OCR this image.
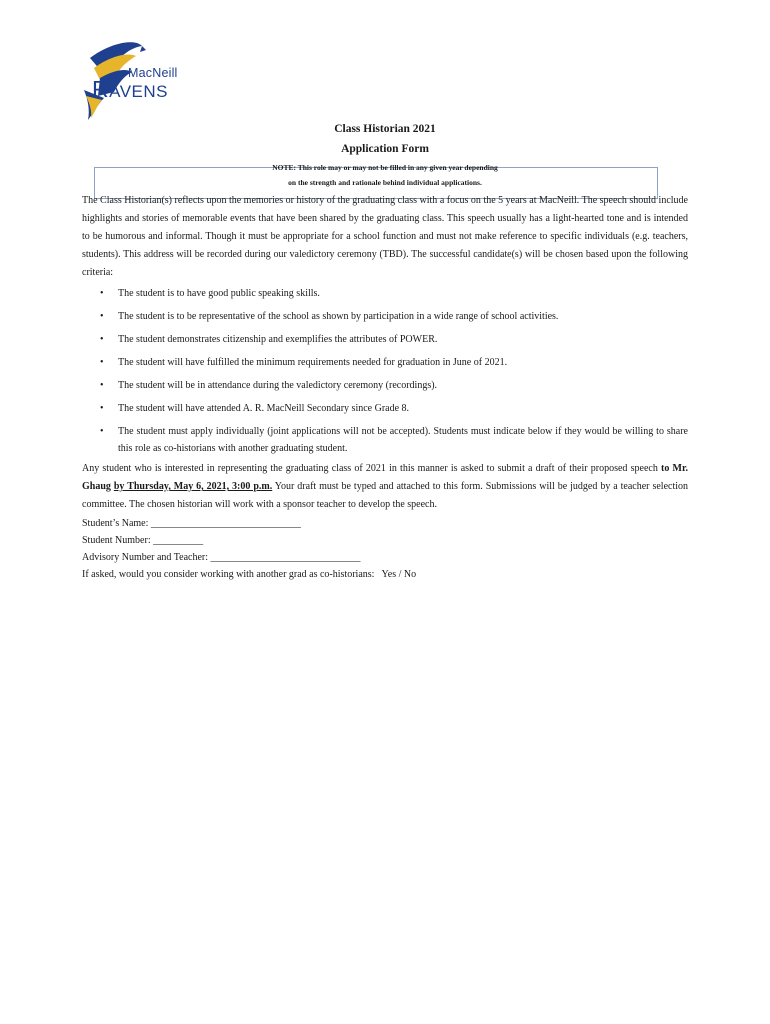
MacNeill
RAVENS
Class Historian 2021
Application Form
NOTE: This role may or may not be filled in any given year depending
on the strength and rationale behind individual applications.
The Class Historian(s) reflects upon the memories or history of the graduating class with a focus on the 5 years at MacNeill. The speech should include highlights and stories of memorable events that have been shared by the graduating class. This speech usually has a light-hearted tone and is intended to be humorous and informal. Though it must be appropriate for a school function and must not make reference to specific individuals (e.g. teachers, students). This address will be recorded during our valedictory ceremony (TBD). The successful candidate(s) will be chosen based upon the following criteria:
• The student is to have good public speaking skills.
• The student is to be representative of the school as shown by participation in a wide range of school activities.
• The student demonstrates citizenship and exemplifies the attributes of POWER.
• The student will have fulfilled the minimum requirements needed for graduation in June of 2021.
• The student will be in attendance during the valedictory ceremony (recordings).
• The student will have attended A. R. MacNeill Secondary since Grade 8.
• The student must apply individually (joint applications will not be accepted). Students must indicate below if they would be willing to share this role as co-historians with another graduating student.
Any student who is interested in representing the graduating class of 2021 in this manner is asked to submit a draft of their proposed speech to Mr. Ghaug by Thursday, May 6, 2021, 3:00 p.m. Your draft must be typed and attached to this form. Submissions will be judged by a teacher selection committee. The chosen historian will work with a sponsor teacher to develop the speech.
Student’s Name: ______________________________
Student Number: __________
Advisory Number and Teacher: ______________________________
If asked, would you consider working with another grad as co-historians:   Yes / No
